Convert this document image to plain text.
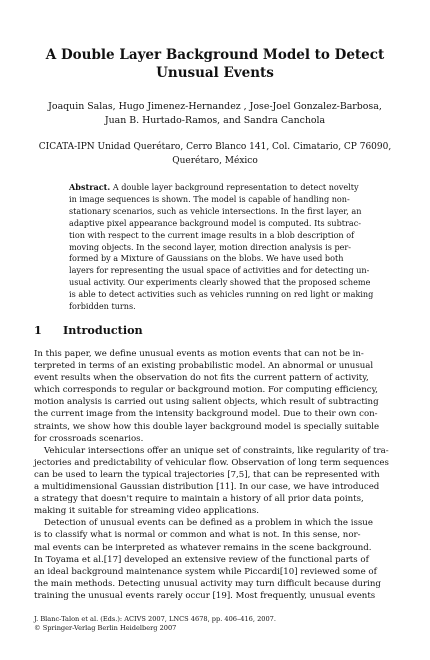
A Double Layer Background Model to Detect
Unusual Events
Joaquin Salas, Hugo Jimenez-Hernandez , Jose-Joel Gonzalez-Barbosa,
Juan B. Hurtado-Ramos, and Sandra Canchola
CICATA-IPN Unidad Querétaro, Cerro Blanco 141, Col. Cimatario, CP 76090,
Querétaro, México
Abstract. A double layer background representation to detect novelty
in image sequences is shown. The model is capable of handling non-
stationary scenarios, such as vehicle intersections. In the first layer, an
adaptive pixel appearance background model is computed. Its subtrac-
tion with respect to the current image results in a blob description of
moving objects. In the second layer, motion direction analysis is per-
formed by a Mixture of Gaussians on the blobs. We have used both
layers for representing the usual space of activities and for detecting un-
usual activity. Our experiments clearly showed that the proposed scheme
is able to detect activities such as vehicles running on red light or making
forbidden turns.
1 Introduction
In this paper, we define unusual events as motion events that can not be in-
terpreted in terms of an existing probabilistic model. An abnormal or unusual
event results when the observation do not fits the current pattern of activity,
which corresponds to regular or background motion. For computing efficiency,
motion analysis is carried out using salient objects, which result of subtracting
the current image from the intensity background model. Due to their own con-
straints, we show how this double layer background model is specially suitable
for crossroads scenarios.
Vehicular intersections offer an unique set of constraints, like regularity of tra-
jectories and predictability of vehicular flow. Observation of long term sequences
can be used to learn the typical trajectories [7,5], that can be represented with
a multidimensional Gaussian distribution [11]. In our case, we have introduced
a strategy that doesn't require to maintain a history of all prior data points,
making it suitable for streaming video applications.
Detection of unusual events can be defined as a problem in which the issue
is to classify what is normal or common and what is not. In this sense, nor-
mal events can be interpreted as whatever remains in the scene background.
In Toyama et al.[17] developed an extensive review of the functional parts of
an ideal background maintenance system while Piccardi[10] reviewed some of
the main methods. Detecting unusual activity may turn difficult because during
training the unusual events rarely occur [19]. Most frequently, unusual events
J. Blanc-Talon et al. (Eds.): ACIVS 2007, LNCS 4678, pp. 406–416, 2007.
© Springer-Verlag Berlin Heidelberg 2007
